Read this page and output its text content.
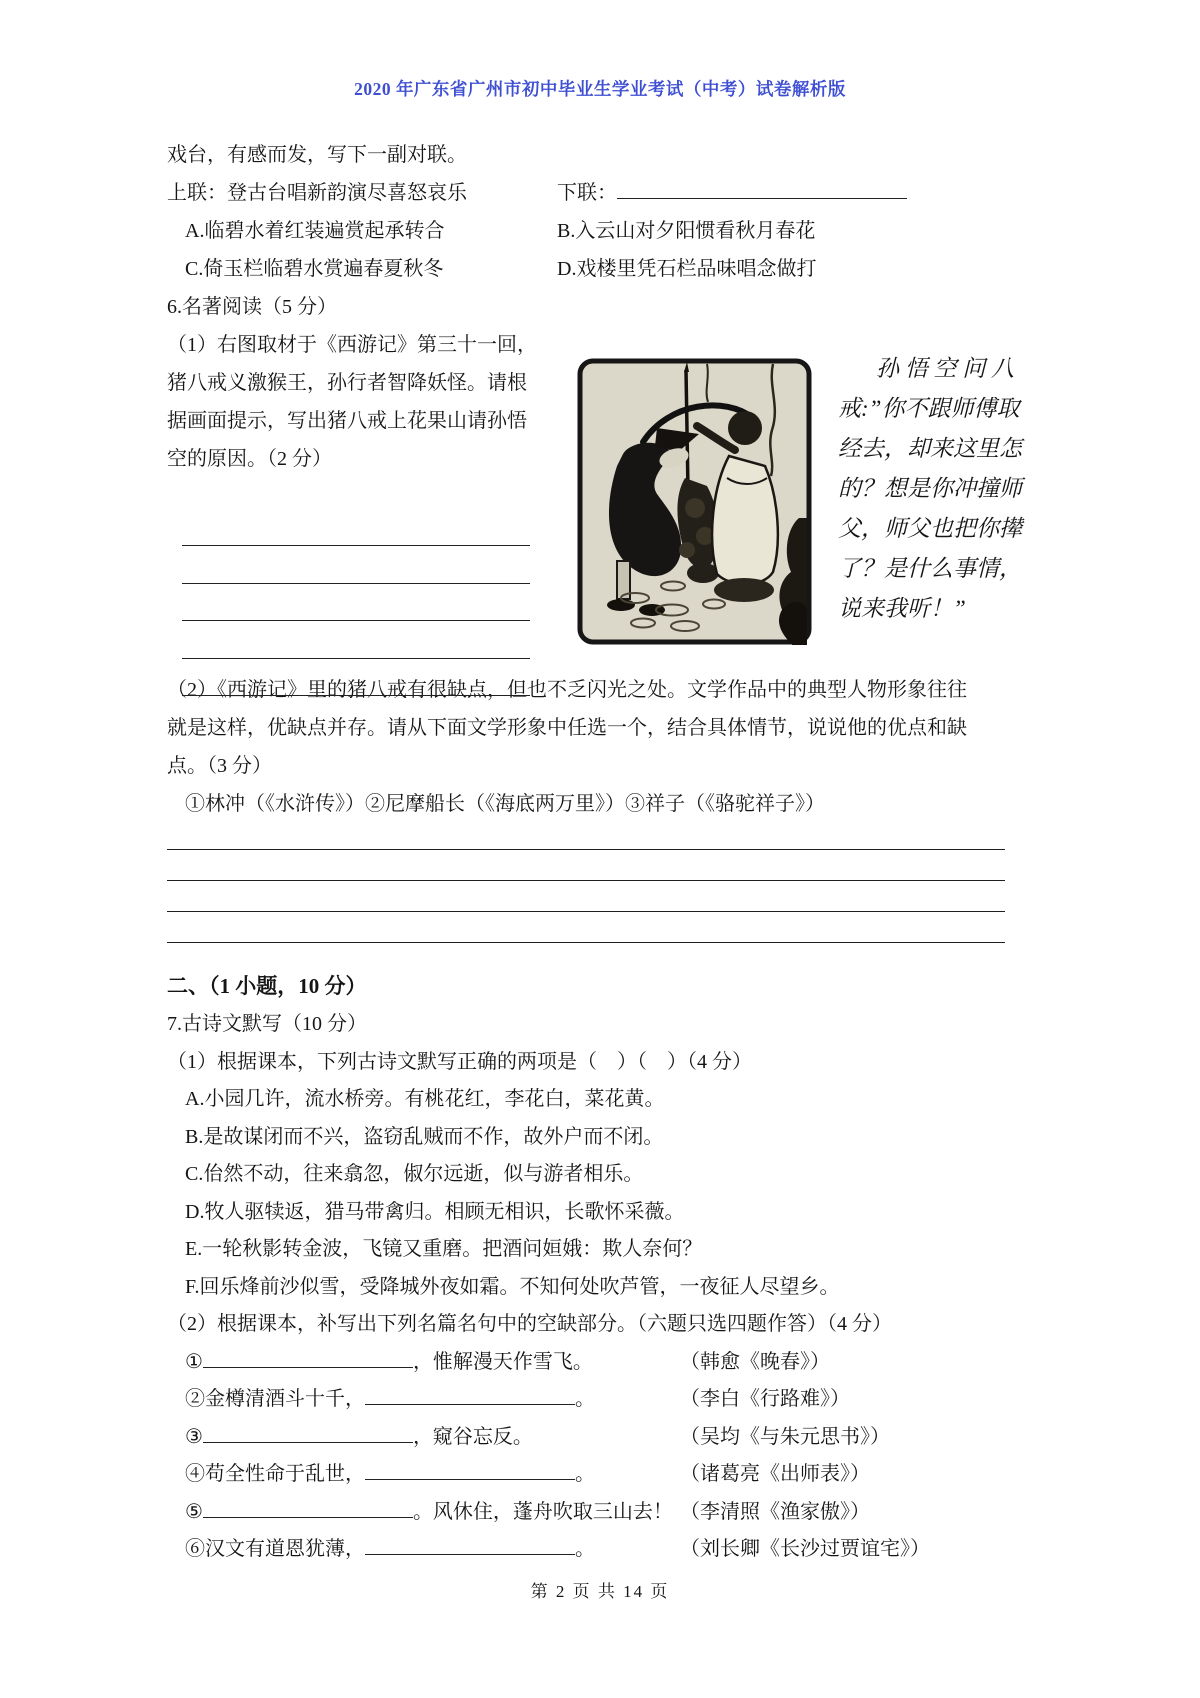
2020 年广东省广州市初中毕业生学业考试（中考）试卷解析版
戏台，有感而发，写下一副对联。
上联：登古台唱新韵演尽喜怒哀乐	下联：
A.临碧水着红装遍赏起承转合	B.入云山对夕阳惯看秋月春花
C.倚玉栏临碧水赏遍春夏秋冬	D.戏楼里凭石栏品味唱念做打
6.名著阅读（5 分）
（1）右图取材于《西游记》第三十一回，
猪八戒义激猴王，孙行者智降妖怪。请根
据画面提示，写出猪八戒上花果山请孙悟
空的原因。（2 分）
孙 悟 空 问 八
戒:”你不跟师傅取
经去，却来这里怎
的？想是你冲撞师
父，师父也把你撵
了？是什么事情，
说来我听！”
（2）《西游记》里的猪八戒有很缺点，但也不乏闪光之处。文学作品中的典型人物形象往往
就是这样，优缺点并存。请从下面文学形象中任选一个，结合具体情节，说说他的优点和缺
点。（3 分）
①林冲（《水浒传》）②尼摩船长（《海底两万里》）③祥子（《骆驼祥子》）
二、（1 小题，10 分）
7.古诗文默写（10 分）
（1）根据课本，下列古诗文默写正确的两项是（　）（　）（4 分）
A.小园几许，流水桥旁。有桃花红，李花白，菜花黄。
B.是故谋闭而不兴，盗窃乱贼而不作，故外户而不闭。
C.佁然不动，往来翕忽，俶尔远逝，似与游者相乐。
D.牧人驱犊返，猎马带禽归。相顾无相识，长歌怀采薇。
E.一轮秋影转金波，飞镜又重磨。把酒问姮娥：欺人奈何？
F.回乐烽前沙似雪，受降城外夜如霜。不知何处吹芦管，一夜征人尽望乡。
（2）根据课本，补写出下列名篇名句中的空缺部分。（六题只选四题作答）（4 分）
①	，惟解漫天作雪飞。	（韩愈《晚春》）
②金樽清酒斗十千，	。	（李白《行路难》）
③	，窥谷忘反。	（吴均《与朱元思书》）
④苟全性命于乱世，	。	（诸葛亮《出师表》）
⑤	。风休住，蓬舟吹取三山去！ （李清照《渔家傲》）
⑥汉文有道恩犹薄，	。	（刘长卿《长沙过贾谊宅》）
第 2 页 共 14 页
